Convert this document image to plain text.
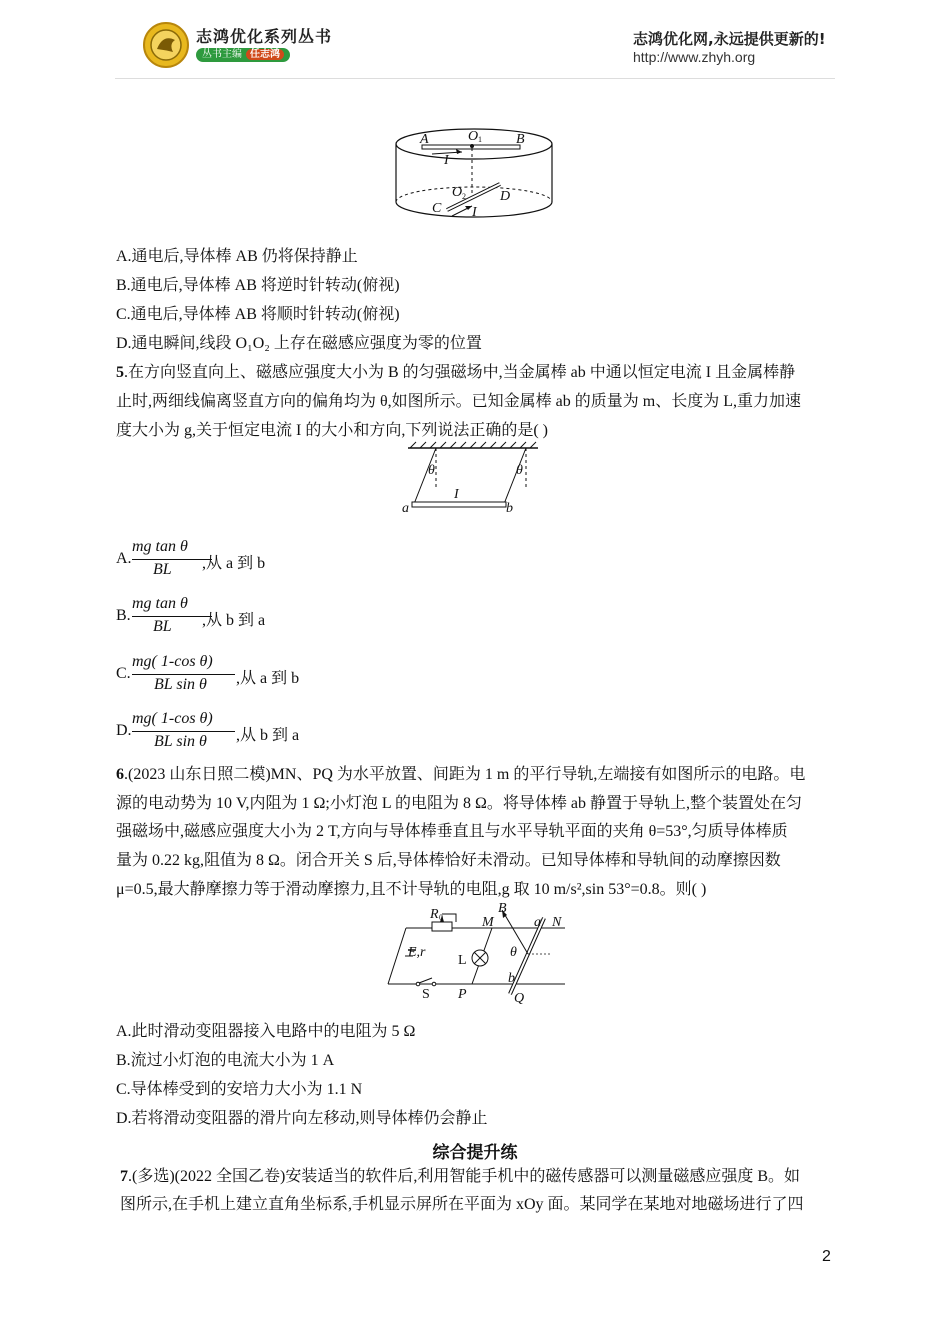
志鸿优化系列丛书
丛书主编 任志鸿
志鸿优化网,永远提供更新的!
http://www.zhyh.org
A	B
O 1
I
O 2
C
D
I
A.通电后,导体棒 AB 仍将保持静止
B.通电后,导体棒 AB 将逆时针转动(俯视)
C.通电后,导体棒 AB 将顺时针转动(俯视)
D.通电瞬间,线段 O₁O₂ 上存在磁感应强度为零的位置
5.在方向竖直向上、磁感应强度大小为 B 的匀强磁场中,当金属棒 ab 中通以恒定电流 I 且金属棒静
止时,两细线偏离竖直方向的偏角均为 θ,如图所示。已知金属棒 ab 的质量为 m、长度为 L,重力加速
度大小为 g,关于恒定电流 I 的大小和方向,下列说法正确的是( )
θ	θ
I
a	b
A.
mg tan θ
BL ,从 a 到 b
B.
mg tan θ
BL ,从 b 到 a
C.
mg( 1-cos θ)
BL sin θ ,从 a 到 b
D.
mg( 1-cos θ)
BL sin θ ,从 b 到 a
6.(2023 山东日照二模)MN、PQ 为水平放置、间距为 1 m 的平行导轨,左端接有如图所示的电路。电
源的电动势为 10 V,内阻为 1 Ω;小灯泡 L 的电阻为 8 Ω。将导体棒 ab 静置于导轨上,整个装置处在匀
强磁场中,磁感应强度大小为 2 T,方向与导体棒垂直且与水平导轨平面的夹角 θ=53°,匀质导体棒质
量为 0.22 kg,阻值为 8 Ω。闭合开关 S 后,导体棒恰好未滑动。已知导体棒和导轨间的动摩擦因数
μ=0.5,最大静摩擦力等于滑动摩擦力,且不计导轨的电阻,g 取 10 m/s²,sin 53°=0.8。则( )
R 0	M
B
a N
E,r
L
θ
b
S P	Q
A.此时滑动变阻器接入电路中的电阻为 5 Ω
B.流过小灯泡的电流大小为 1 A
C.导体棒受到的安培力大小为 1.1 N
D.若将滑动变阻器的滑片向左移动,则导体棒仍会静止
综合提升练
7.(多选)(2022 全国乙卷)安装适当的软件后,利用智能手机中的磁传感器可以测量磁感应强度 B。如
图所示,在手机上建立直角坐标系,手机显示屏所在平面为 xOy 面。某同学在某地对地磁场进行了四
2
